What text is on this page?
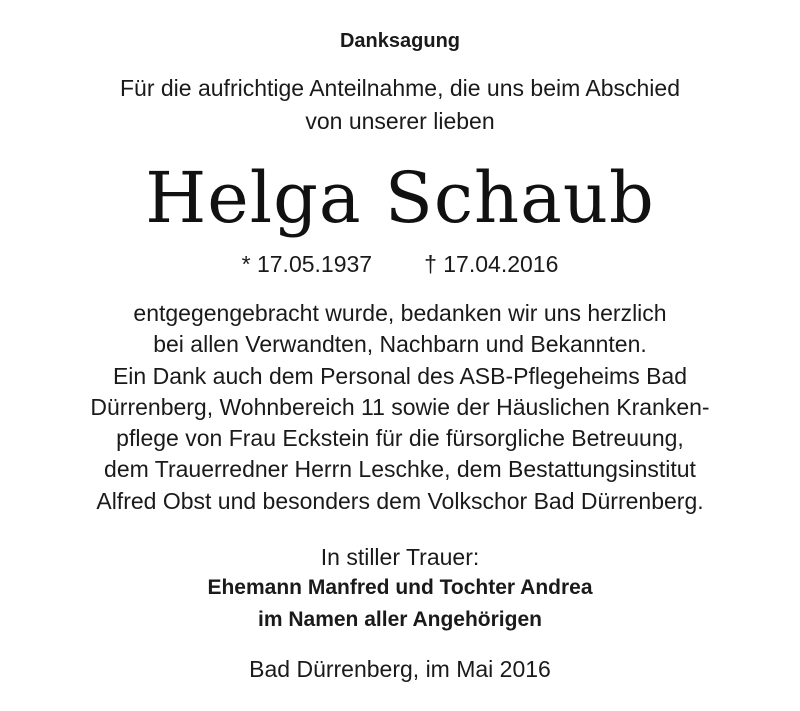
Danksagung
Für die aufrichtige Anteilnahme, die uns beim Abschied
von unserer lieben
Helga Schaub
* 17.05.1937 † 17.04.2016
entgegengebracht wurde, bedanken wir uns herzlich
bei allen Verwandten, Nachbarn und Bekannten.
Ein Dank auch dem Personal des ASB-Pflegeheims Bad
Dürrenberg, Wohnbereich 11 sowie der Häuslichen Kranken-
pflege von Frau Eckstein für die fürsorgliche Betreuung,
dem Trauerredner Herrn Leschke, dem Bestattungsinstitut
Alfred Obst und besonders dem Volkschor Bad Dürrenberg.
In stiller Trauer:
Ehemann Manfred und Tochter Andrea
im Namen aller Angehörigen
Bad Dürrenberg, im Mai 2016
